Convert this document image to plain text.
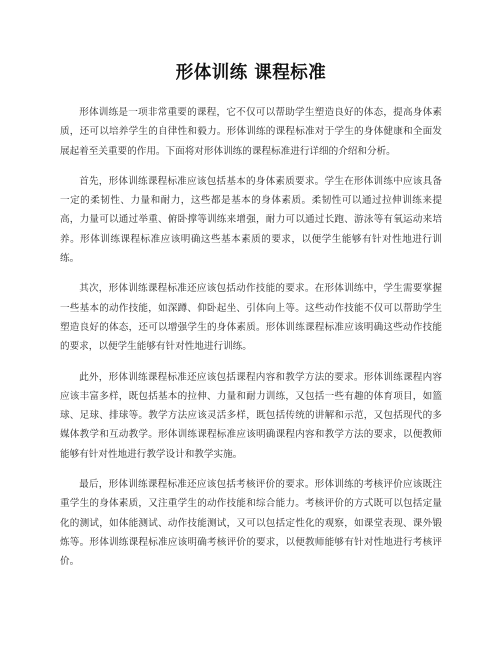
形体训练 课程标准

形体训练是一项非常重要的课程，它不仅可以帮助学生塑造良好的体态，提高身体素质，还可以培养学生的自律性和毅力。形体训练的课程标准对于学生的身体健康和全面发展起着至关重要的作用。下面将对形体训练的课程标准进行详细的介绍和分析。

首先，形体训练课程标准应该包括基本的身体素质要求。学生在形体训练中应该具备一定的柔韧性、力量和耐力，这些都是基本的身体素质。柔韧性可以通过拉伸训练来提高，力量可以通过举重、俯卧撑等训练来增强，耐力可以通过长跑、游泳等有氧运动来培养。形体训练课程标准应该明确这些基本素质的要求，以便学生能够有针对性地进行训练。

其次，形体训练课程标准还应该包括动作技能的要求。在形体训练中，学生需要掌握一些基本的动作技能，如深蹲、仰卧起坐、引体向上等。这些动作技能不仅可以帮助学生塑造良好的体态，还可以增强学生的身体素质。形体训练课程标准应该明确这些动作技能的要求，以便学生能够有针对性地进行训练。

此外，形体训练课程标准还应该包括课程内容和教学方法的要求。形体训练课程内容应该丰富多样，既包括基本的拉伸、力量和耐力训练，又包括一些有趣的体育项目，如篮球、足球、排球等。教学方法应该灵活多样，既包括传统的讲解和示范，又包括现代的多媒体教学和互动教学。形体训练课程标准应该明确课程内容和教学方法的要求，以便教师能够有针对性地进行教学设计和教学实施。

最后，形体训练课程标准还应该包括考核评价的要求。形体训练的考核评价应该既注重学生的身体素质，又注重学生的动作技能和综合能力。考核评价的方式既可以包括定量化的测试，如体能测试、动作技能测试，又可以包括定性化的观察，如课堂表现、课外锻炼等。形体训练课程标准应该明确考核评价的要求，以便教师能够有针对性地进行考核评价。
